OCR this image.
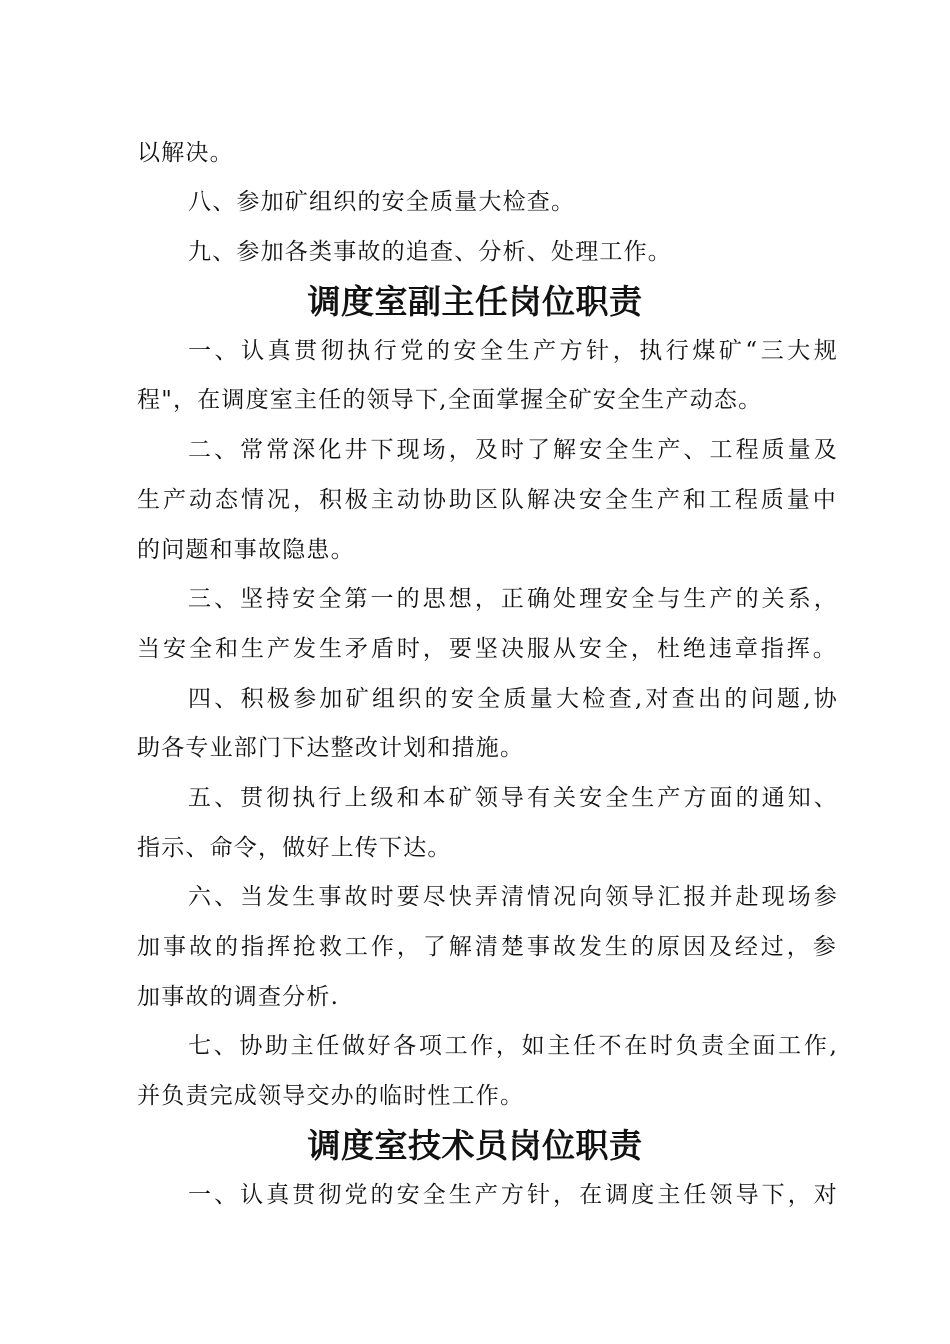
以解决。
八、参加矿组织的安全质量大检查。
九、参加各类事故的追查、分析、处理工作。
调度室副主任岗位职责
一、认真贯彻执行党的安全生产方针，执行煤矿“三大规
程"，在调度室主任的领导下,全面掌握全矿安全生产动态。
二、常常深化井下现场，及时了解安全生产、工程质量及
生产动态情况，积极主动协助区队解决安全生产和工程质量中
的问题和事故隐患。
三、坚持安全第一的思想，正确处理安全与生产的关系，
当安全和生产发生矛盾时，要坚决服从安全，杜绝违章指挥。
四、积极参加矿组织的安全质量大检查,对查出的问题,协
助各专业部门下达整改计划和措施。
五、贯彻执行上级和本矿领导有关安全生产方面的通知、
指示、命令，做好上传下达。
六、当发生事故时要尽快弄清情况向领导汇报并赴现场参
加事故的指挥抢救工作，了解清楚事故发生的原因及经过，参
加事故的调查分析.
七、协助主任做好各项工作，如主任不在时负责全面工作,
并负责完成领导交办的临时性工作。
调度室技术员岗位职责
一、认真贯彻党的安全生产方针，在调度主任领导下，对
